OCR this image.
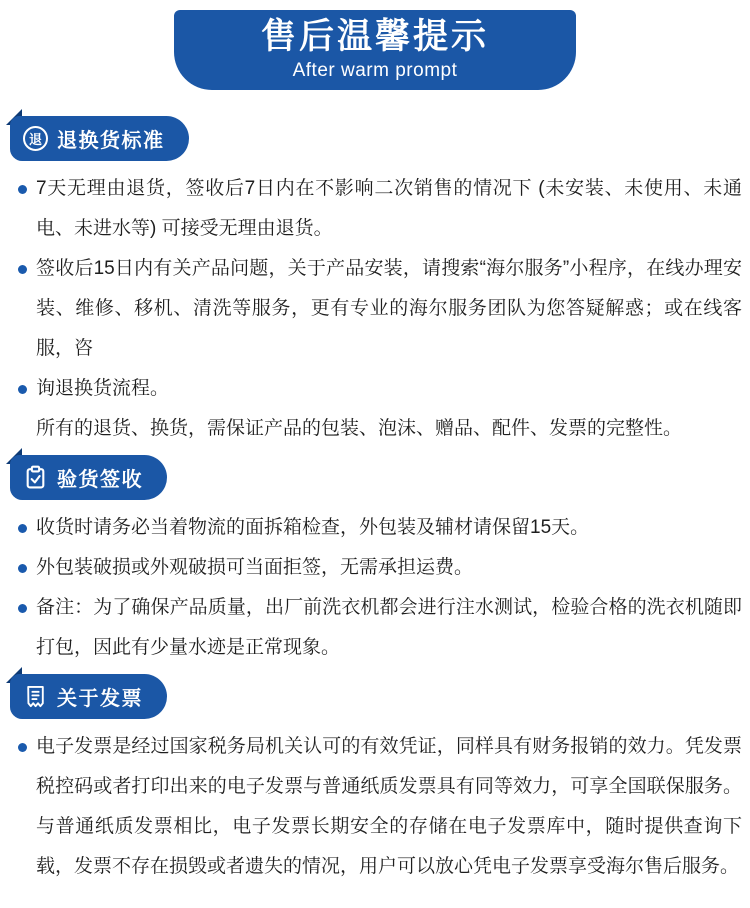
售后温馨提示
After warm prompt
退 退换货标准

7天无理由退货，签收后7日内在不影响二次销售的情况下 (未安装、未使用、未通电、未进水等) 可接受无理由退货。

签收后15日内有关产品问题，关于产品安装，请搜索“海尔服务”小程序，在线办理安装、维修、移机、清洗等服务，更有专业的海尔服务团队为您答疑解惑；或在线客服，咨

询退换货流程。

所有的退货、换货，需保证产品的包装、泡沫、赠品、配件、发票的完整性。

验货签收

收货时请务必当着物流的面拆箱检查，外包装及辅材请保留15天。

外包装破损或外观破损可当面拒签，无需承担运费。

备注：为了确保产品质量，出厂前洗衣机都会进行注水测试，检验合格的洗衣机随即打包，因此有少量水迹是正常现象。

关于发票

电子发票是经过国家税务局机关认可的有效凭证，同样具有财务报销的效力。凭发票税控码或者打印出来的电子发票与普通纸质发票具有同等效力，可享全国联保服务。与普通纸质发票相比，电子发票长期安全的存储在电子发票库中，随时提供查询下载，发票不存在损毁或者遗失的情况，用户可以放心凭电子发票享受海尔售后服务。
